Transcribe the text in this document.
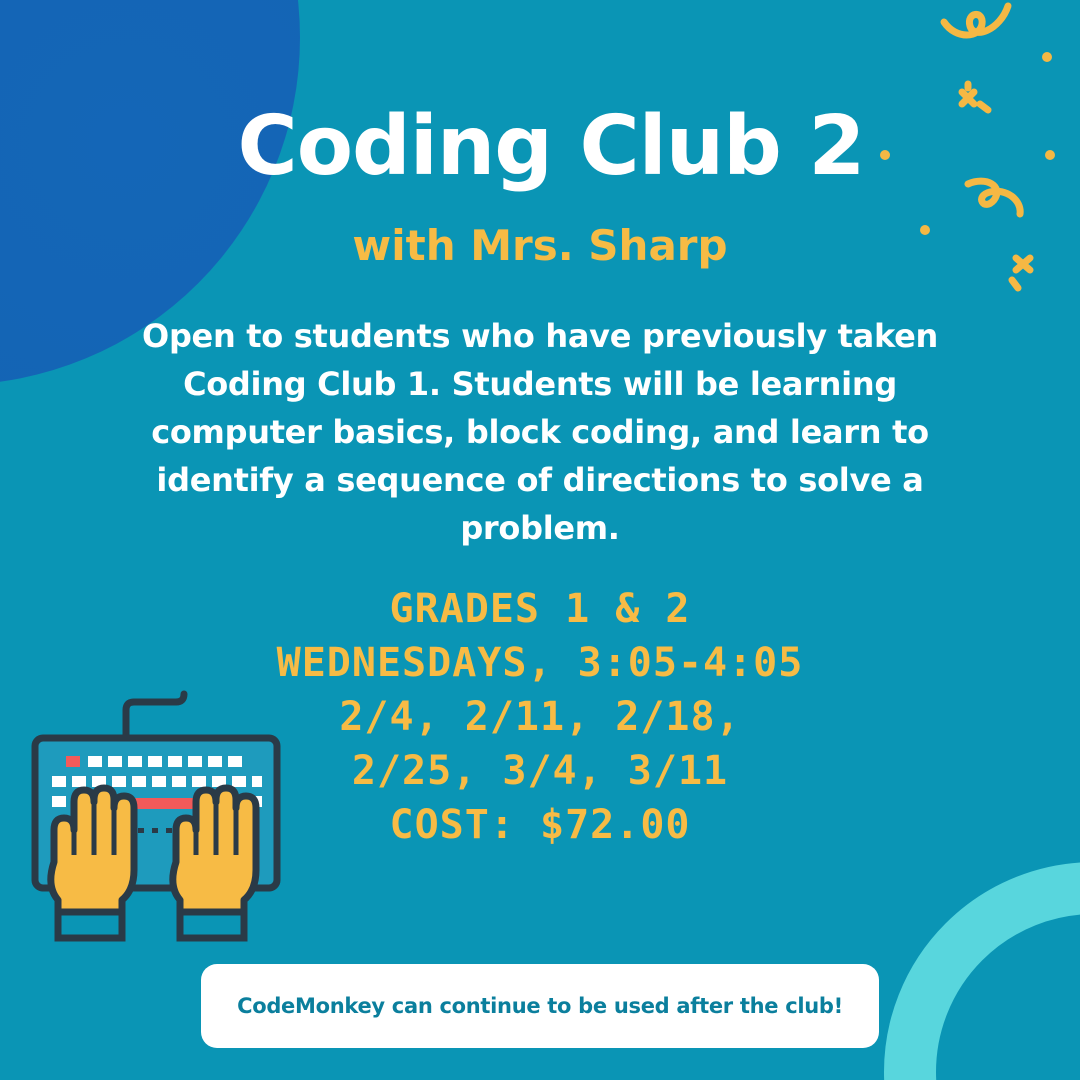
Coding Club 2
with Mrs. Sharp
Open to students who have previously taken Coding Club 1. Students will be learning computer basics, block coding, and learn to identify a sequence of directions to solve a problem.
GRADES 1 & 2
WEDNESDAYS, 3:05-4:05
2/4, 2/11, 2/18,
2/25, 3/4, 3/11
COST: $72.00
CodeMonkey can continue to be used after the club!
